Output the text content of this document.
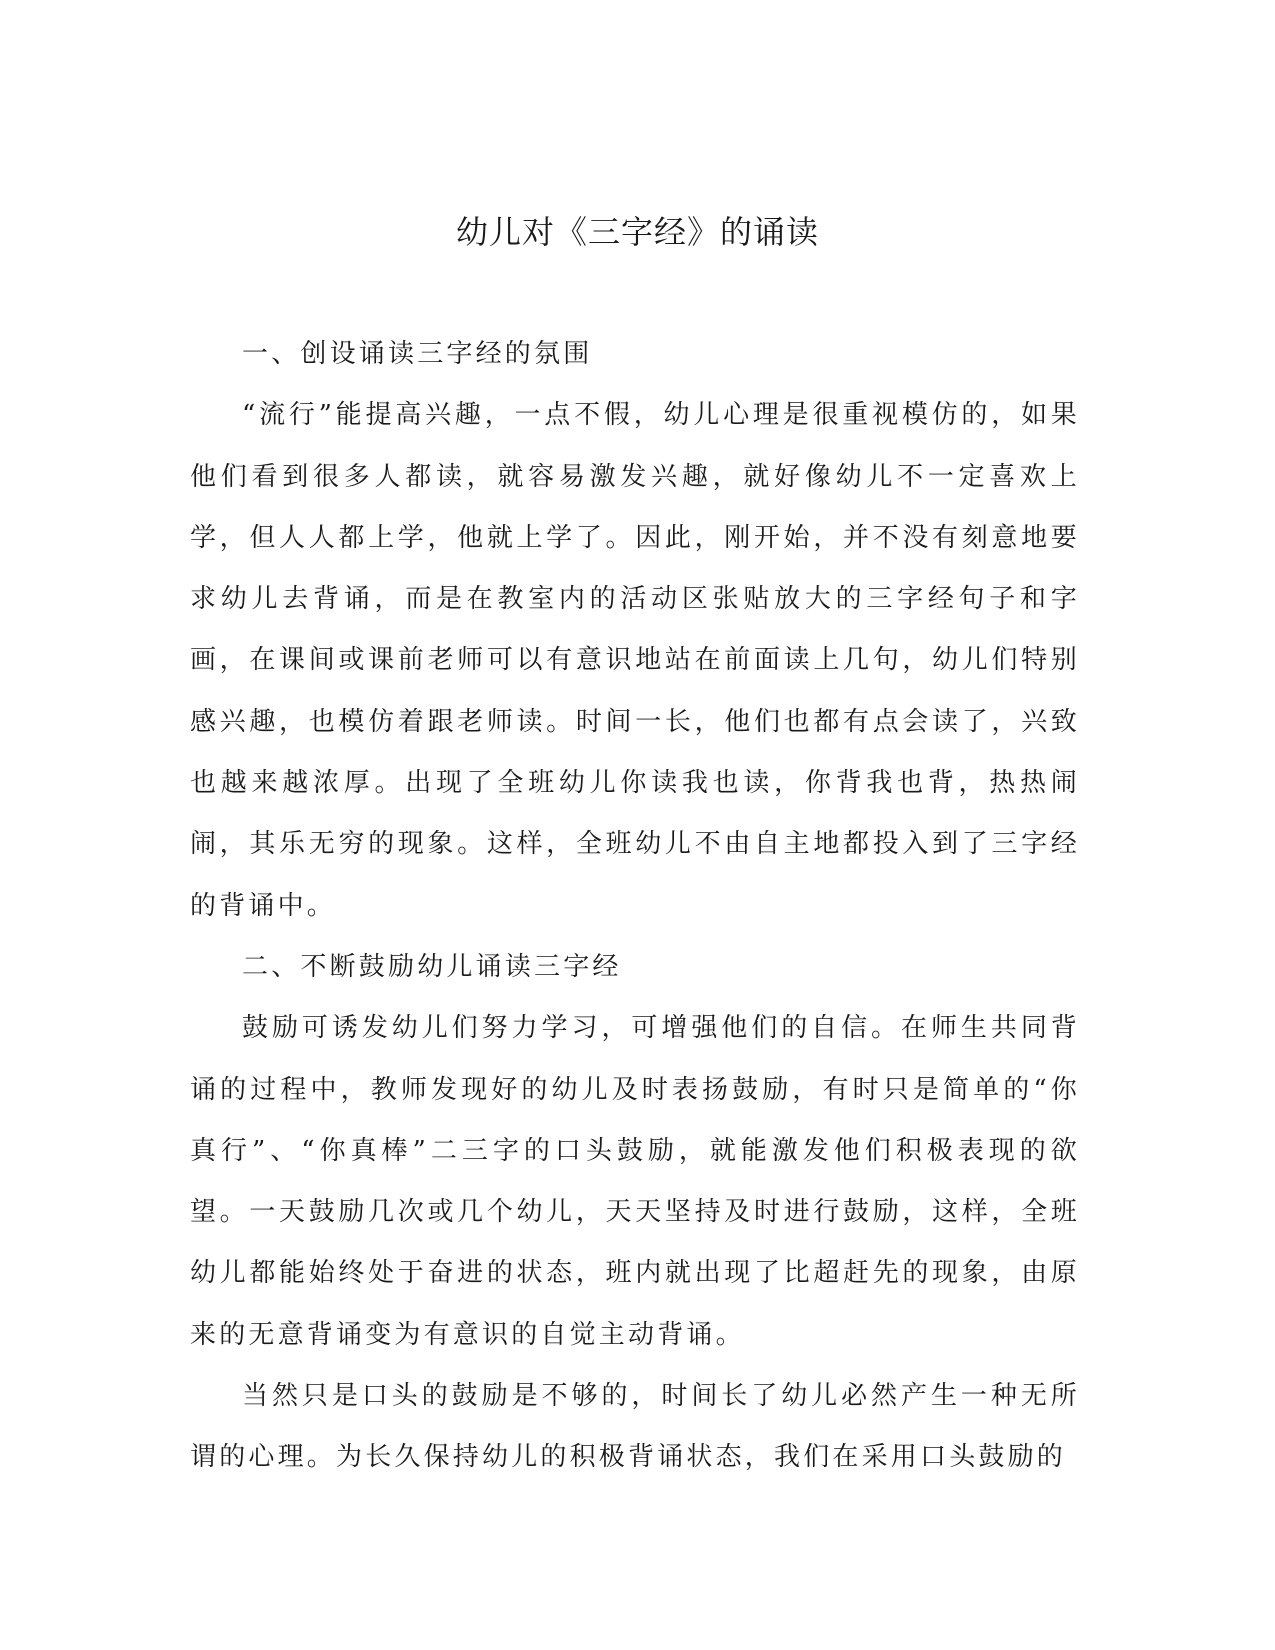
幼儿对《三字经》的诵读

一、创设诵读三字经的氛围

“流行”能提高兴趣，一点不假，幼儿心理是很重视模仿的，如果他们看到很多人都读，就容易激发兴趣，就好像幼儿不一定喜欢上学，但人人都上学，他就上学了。因此，刚开始，并不没有刻意地要求幼儿去背诵，而是在教室内的活动区张贴放大的三字经句子和字画，在课间或课前老师可以有意识地站在前面读上几句，幼儿们特别感兴趣，也模仿着跟老师读。时间一长，他们也都有点会读了，兴致也越来越浓厚。出现了全班幼儿你读我也读，你背我也背，热热闹闹，其乐无穷的现象。这样，全班幼儿不由自主地都投入到了三字经的背诵中。

二、不断鼓励幼儿诵读三字经

鼓励可诱发幼儿们努力学习，可增强他们的自信。在师生共同背诵的过程中，教师发现好的幼儿及时表扬鼓励，有时只是简单的“你真行”、“你真棒”二三字的口头鼓励，就能激发他们积极表现的欲望。一天鼓励几次或几个幼儿，天天坚持及时进行鼓励，这样，全班幼儿都能始终处于奋进的状态，班内就出现了比超赶先的现象，由原来的无意背诵变为有意识的自觉主动背诵。

当然只是口头的鼓励是不够的，时间长了幼儿必然产生一种无所谓的心理。为长久保持幼儿的积极背诵状态，我们在采用口头鼓励的
